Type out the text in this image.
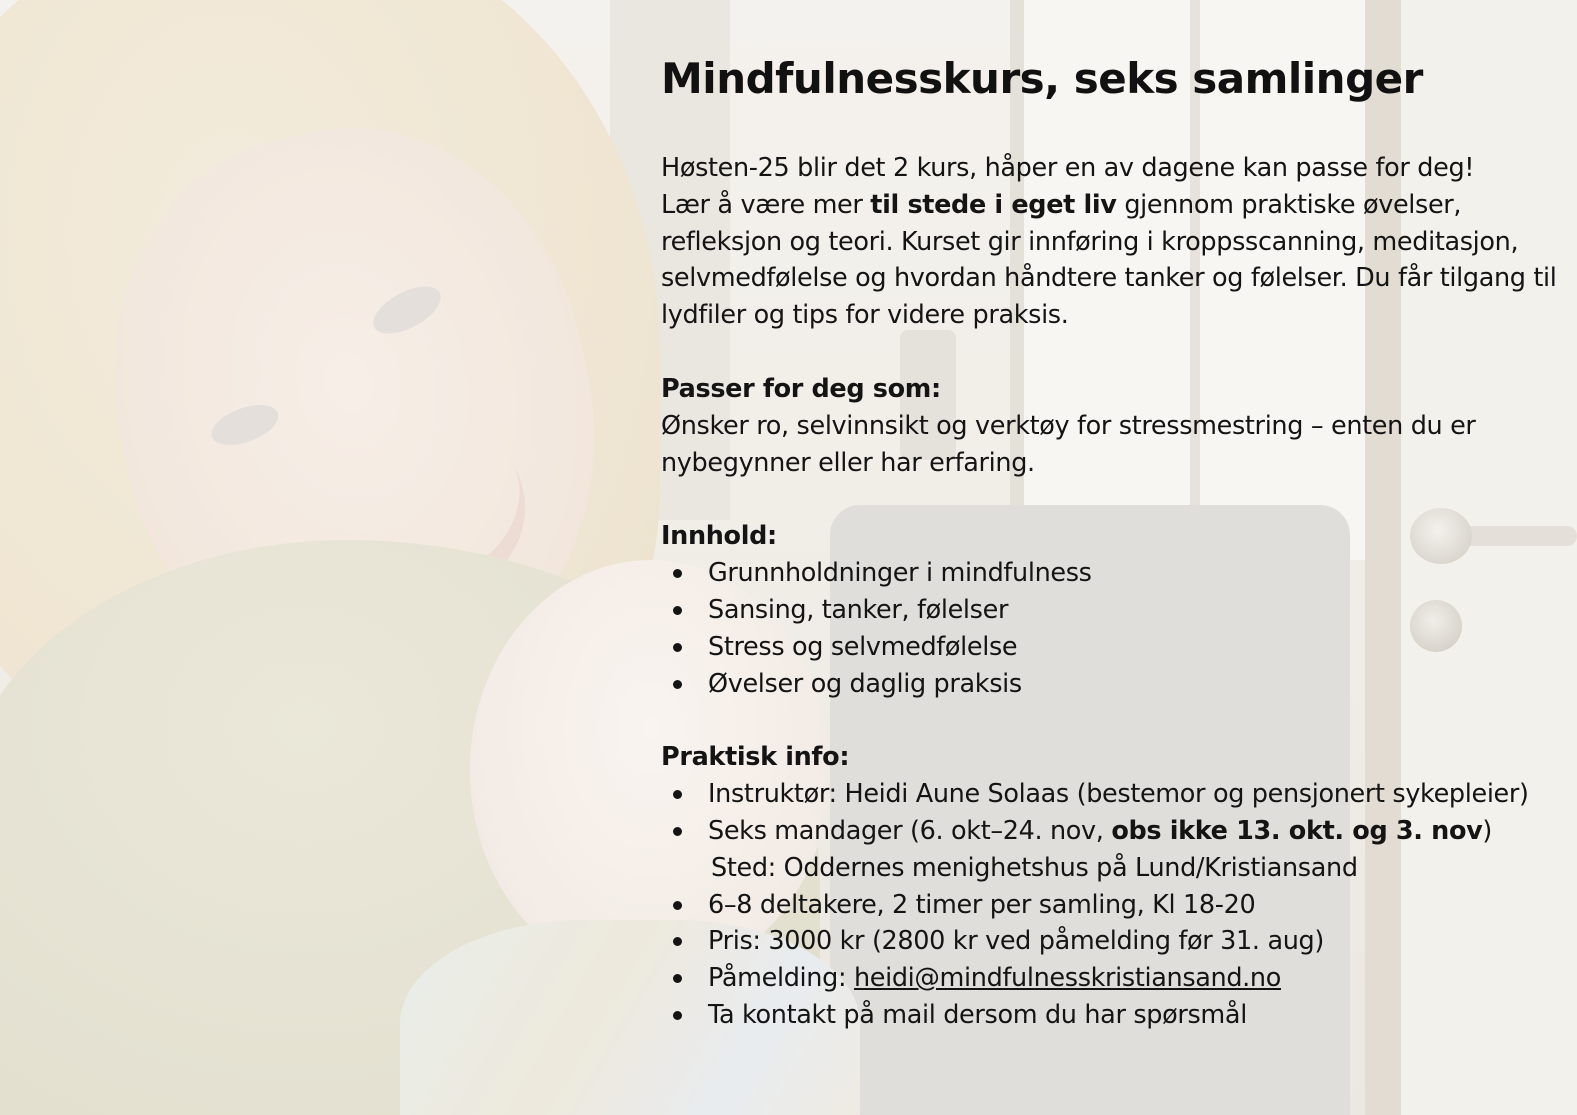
Mindfulnesskurs, seks samlinger

Høsten-25 blir det 2 kurs, håper en av dagene kan passe for deg!
Lær å være mer til stede i eget liv gjennom praktiske øvelser, refleksjon og teori. Kurset gir innføring i kroppsscanning, meditasjon, selvmedfølelse og hvordan håndtere tanker og følelser. Du får tilgang til lydfiler og tips for videre praksis.

Passer for deg som:

Ønsker ro, selvinnsikt og verktøy for stressmestring – enten du er nybegynner eller har erfaring.

Innhold:

Grunnholdninger i mindfulness
Sansing, tanker, følelser
Stress og selvmedfølelse
Øvelser og daglig praksis

Praktisk info:

Instruktør: Heidi Aune Solaas (bestemor og pensjonert sykepleier)
Seks mandager (6. okt–24. nov, obs ikke 13. okt. og 3. nov)
Sted: Oddernes menighetshus på Lund/Kristiansand
6–8 deltakere, 2 timer per samling, Kl 18-20
Pris: 3000 kr (2800 kr ved påmelding før 31. aug)
Påmelding: heidi@mindfulnesskristiansand.no
Ta kontakt på mail dersom du har spørsmål
